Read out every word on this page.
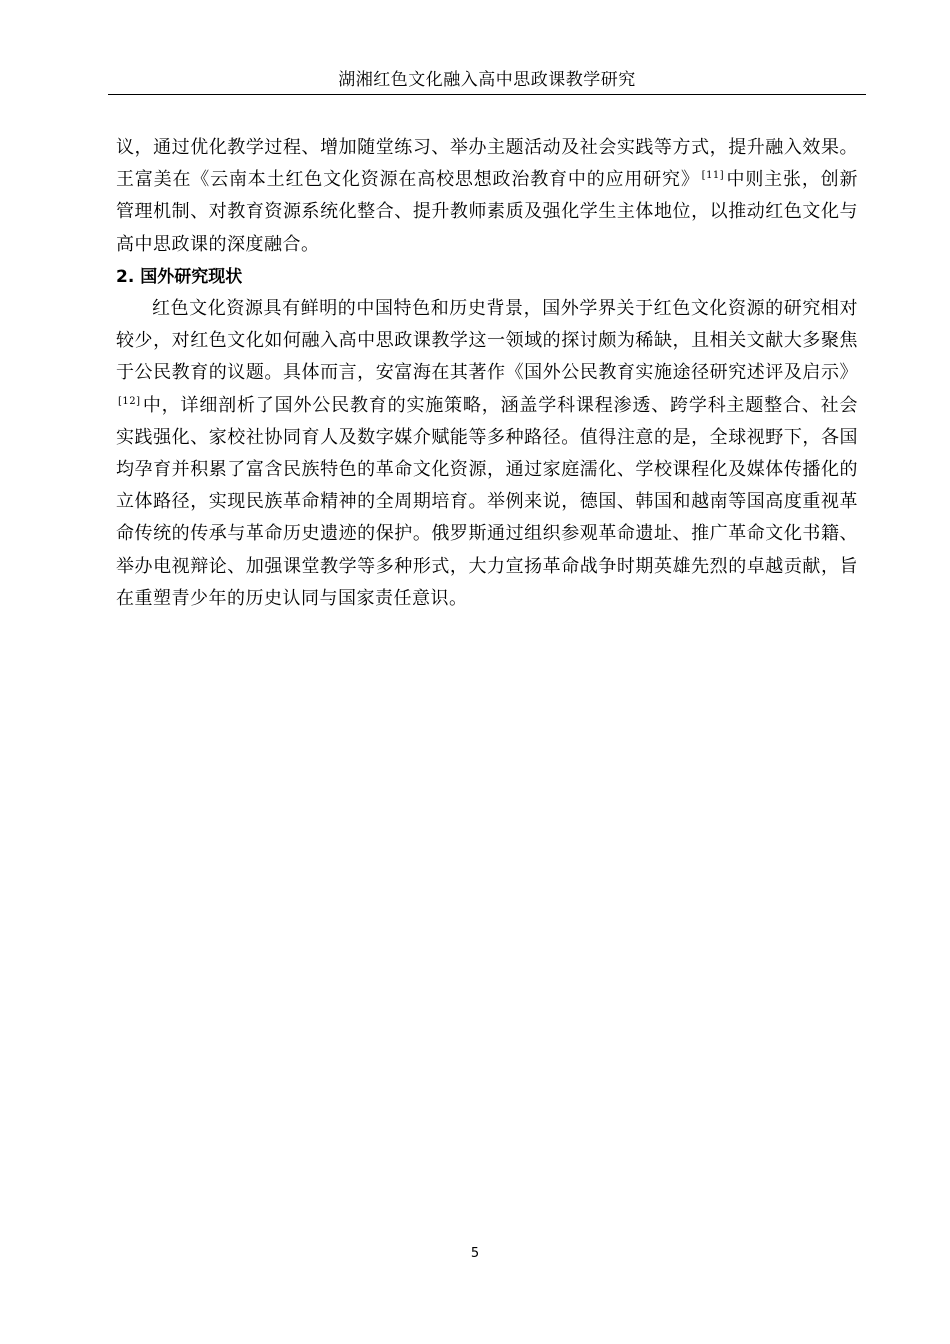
湖湘红色文化融入高中思政课教学研究

议，通过优化教学过程、增加随堂练习、举办主题活动及社会实践等方式，提升融入效果。王富美在《云南本土红色文化资源在高校思想政治教育中的应用研究》 [11] 中则主张，创新管理机制、对教育资源系统化整合、提升教师素质及强化学生主体地位，以推动红色文化与高中思政课的深度融合。

2. 国外研究现状

红色文化资源具有鲜明的中国特色和历史背景，国外学界关于红色文化资源的研究相对较少，对红色文化如何融入高中思政课教学这一领域的探讨颇为稀缺，且相关文献大多聚焦于公民教育的议题。具体而言，安富海在其著作《国外公民教育实施途径研究述评及启示》[12] 中，详细剖析了国外公民教育的实施策略，涵盖学科课程渗透、跨学科主题整合、社会实践强化、家校社协同育人及数字媒介赋能等多种路径。值得注意的是，全球视野下，各国均孕育并积累了富含民族特色的革命文化资源，通过家庭濡化、学校课程化及媒体传播化的立体路径，实现民族革命精神的全周期培育。举例来说，德国、韩国和越南等国高度重视革命传统的传承与革命历史遗迹的保护。俄罗斯通过组织参观革命遗址、推广革命文化书籍、举办电视辩论、加强课堂教学等多种形式，大力宣扬革命战争时期英雄先烈的卓越贡献，旨在重塑青少年的历史认同与国家责任意识。

5
